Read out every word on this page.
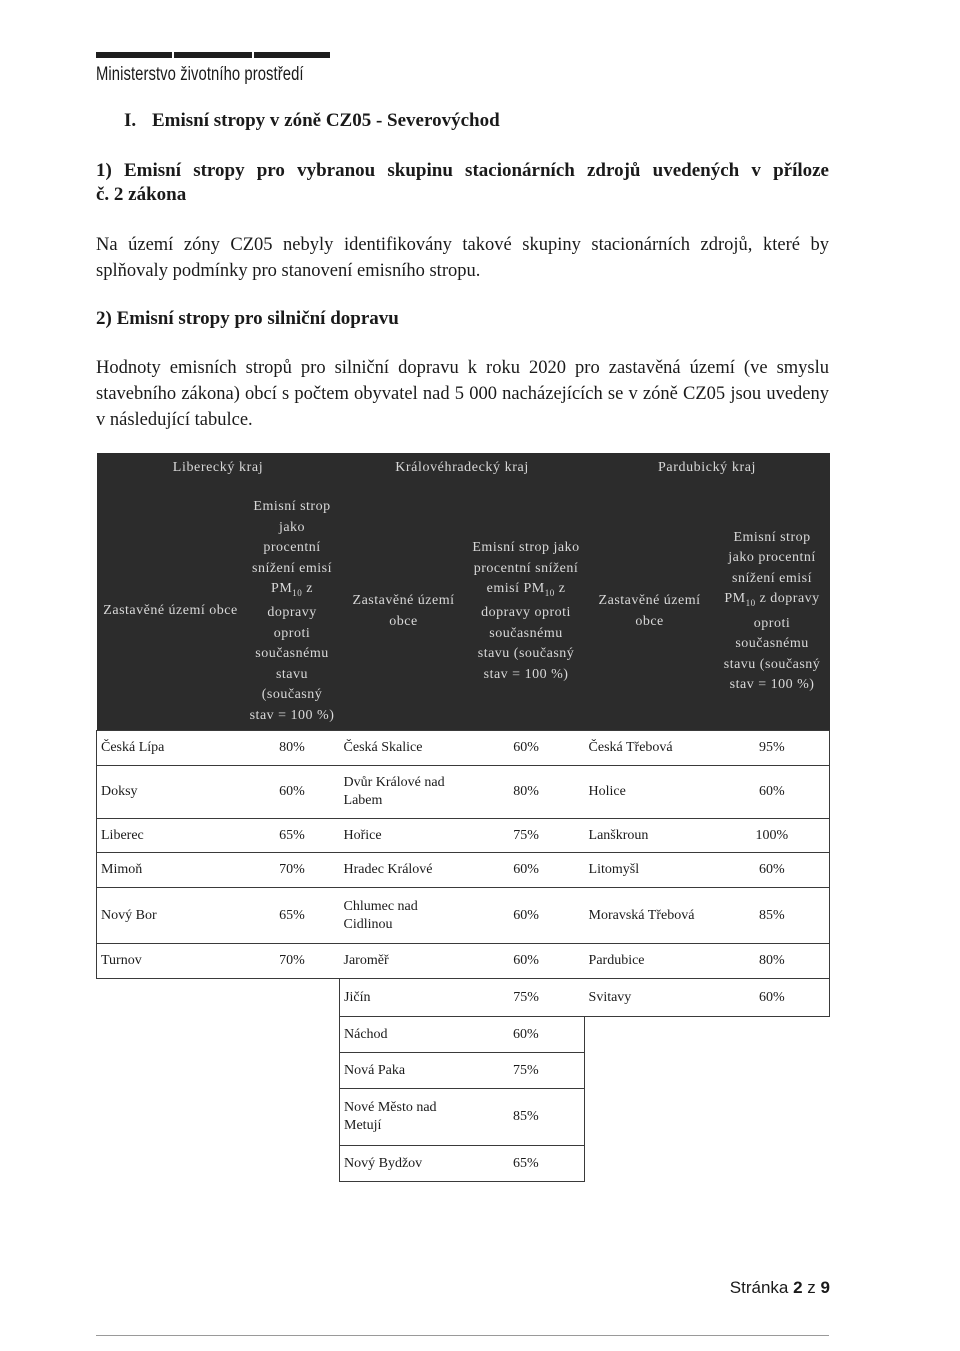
Ministerstvo životního prostředí
I. Emisní stropy v zóně CZ05 - Severovýchod
1) Emisní stropy pro vybranou skupinu stacionárních zdrojů uvedených v příloze
č. 2 zákona
Na území zóny CZ05 nebyly identifikovány takové skupiny stacionárních zdrojů, které by splňovaly podmínky pro stanovení emisního stropu.
2) Emisní stropy pro silniční dopravu
Hodnoty emisních stropů pro silniční dopravu k roku 2020 pro zastavěná území (ve smyslu stavebního zákona) obcí s počtem obyvatel nad 5 000 nacházejících se v zóně CZ05 jsou uvedeny v následující tabulce.
Liberecký kraj		Královéhradecký kraj		Pardubický kraj	

Zastavěné území obce	Emisní strop jako procentní snížení emisí $PM_{10}$ z dopravy oproti současnému stavu (současný stav = 100 %)	Zastavěné území obce	Emisní strop jako procentní snížení emisí $PM_{10}$ z dopravy oproti současnému stavu (současný stav = 100 %)	Zastavěné území obce	Emisní strop jako procentní snížení emisí $PM_{10}$ z dopravy oproti současnému stavu (současný stav = 100 %)
Česká Lípa	80%	Česká Skalice	60%	Česká Třebová	95%
Doksy	60%	Dvůr Králové nad Labem	80%	Holice	60%
Liberec	65%	Hořice	75%	Lanškroun	100%
Mimoň	70%	Hradec Králové	60%	Litomyšl	60%
Nový Bor	65%	Chlumec nad Cidlinou	60%	Moravská Třebová	85%
Turnov	70%	Jaroměř	60%	Pardubice	80%
		Jičín	75%	Svitavy	60%
		Náchod	60%		
		Nová Paka	75%		
		Nové Město nad Metují	85%		
		Nový Bydžov	65%		
Stránka 2 z 9
